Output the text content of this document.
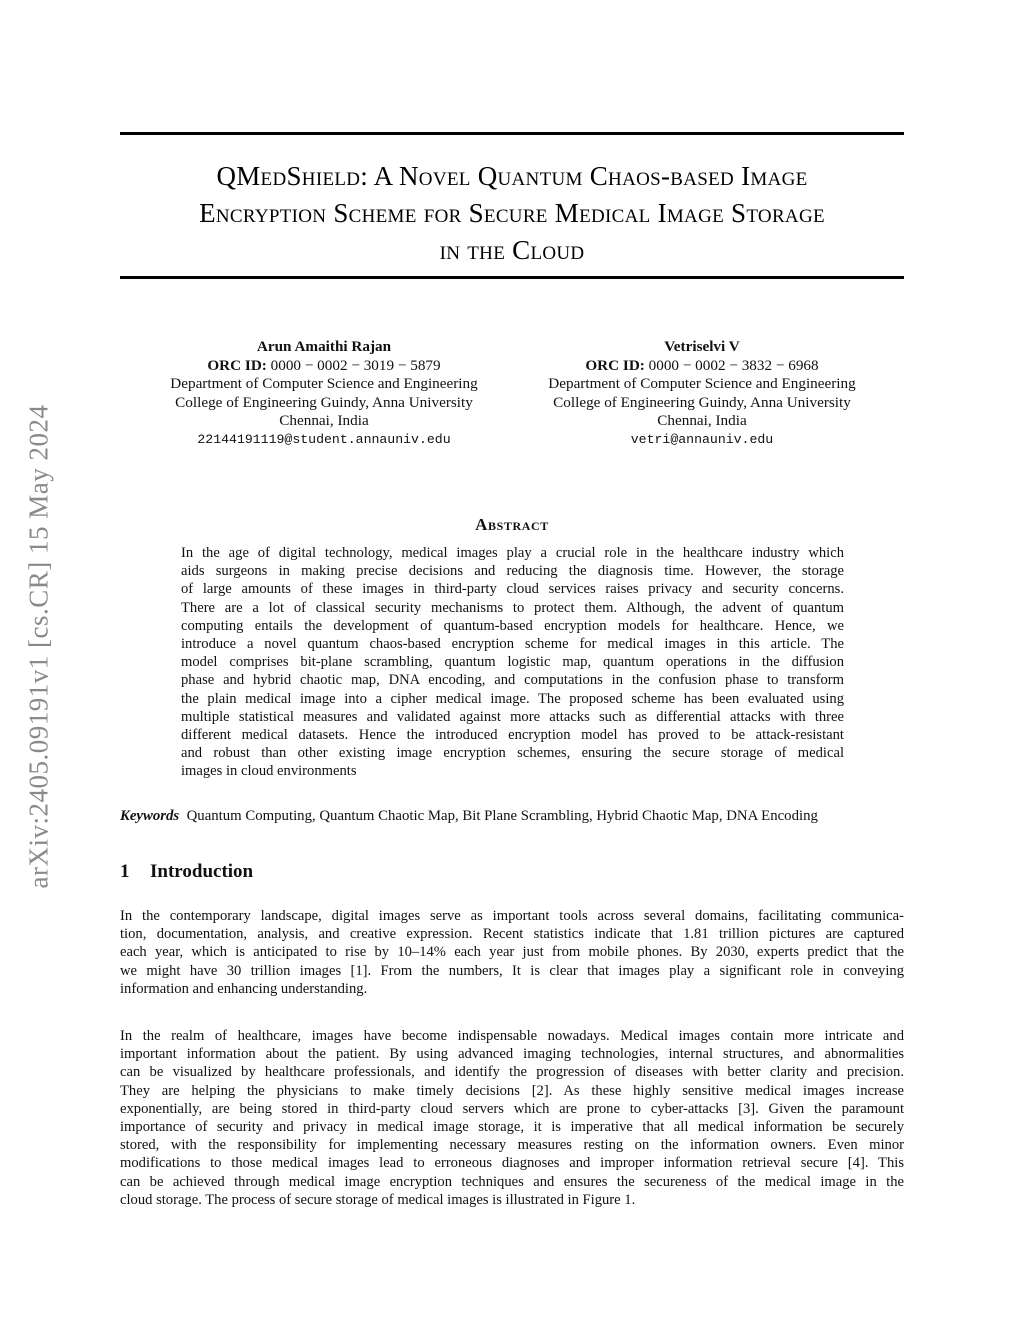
arXiv:2405.09191v1 [cs.CR] 15 May 2024
QMedShield: A Novel Quantum Chaos-based Image
Encryption Scheme for Secure Medical Image Storage
in the Cloud
Arun Amaithi Rajan
ORC ID: 0000 − 0002 − 3019 − 5879
Department of Computer Science and Engineering
College of Engineering Guindy, Anna University
Chennai, India
22144191119@student.annauniv.edu
Vetriselvi V
ORC ID: 0000 − 0002 − 3832 − 6968
Department of Computer Science and Engineering
College of Engineering Guindy, Anna University
Chennai, India
vetri@annauniv.edu
Abstract
In the age of digital technology, medical images play a crucial role in the healthcare industry which
aids surgeons in making precise decisions and reducing the diagnosis time. However, the storage
of large amounts of these images in third-party cloud services raises privacy and security concerns.
There are a lot of classical security mechanisms to protect them. Although, the advent of quantum
computing entails the development of quantum-based encryption models for healthcare. Hence, we
introduce a novel quantum chaos-based encryption scheme for medical images in this article. The
model comprises bit-plane scrambling, quantum logistic map, quantum operations in the diffusion
phase and hybrid chaotic map, DNA encoding, and computations in the confusion phase to transform
the plain medical image into a cipher medical image. The proposed scheme has been evaluated using
multiple statistical measures and validated against more attacks such as differential attacks with three
different medical datasets. Hence the introduced encryption model has proved to be attack-resistant
and robust than other existing image encryption schemes, ensuring the secure storage of medical
images in cloud environments
Keywords Quantum Computing, Quantum Chaotic Map, Bit Plane Scrambling, Hybrid Chaotic Map, DNA Encoding
1 Introduction
In the contemporary landscape, digital images serve as important tools across several domains, facilitating communica-
tion, documentation, analysis, and creative expression. Recent statistics indicate that 1.81 trillion pictures are captured
each year, which is anticipated to rise by 10–14% each year just from mobile phones. By 2030, experts predict that the
we might have 30 trillion images [1]. From the numbers, It is clear that images play a significant role in conveying
information and enhancing understanding.
In the realm of healthcare, images have become indispensable nowadays. Medical images contain more intricate and
important information about the patient. By using advanced imaging technologies, internal structures, and abnormalities
can be visualized by healthcare professionals, and identify the progression of diseases with better clarity and precision.
They are helping the physicians to make timely decisions [2]. As these highly sensitive medical images increase
exponentially, are being stored in third-party cloud servers which are prone to cyber-attacks [3]. Given the paramount
importance of security and privacy in medical image storage, it is imperative that all medical information be securely
stored, with the responsibility for implementing necessary measures resting on the information owners. Even minor
modifications to those medical images lead to erroneous diagnoses and improper information retrieval secure [4]. This
can be achieved through medical image encryption techniques and ensures the secureness of the medical image in the
cloud storage. The process of secure storage of medical images is illustrated in Figure 1.
